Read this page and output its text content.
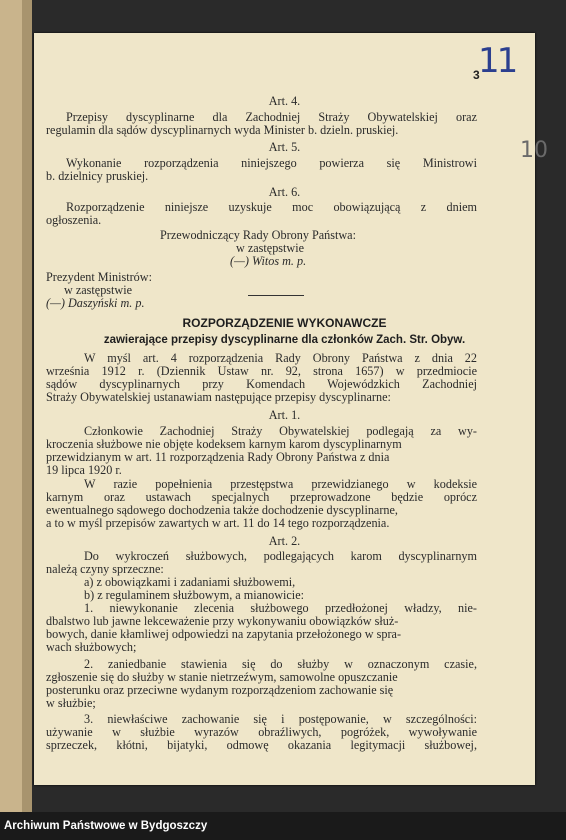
11
3
10
Art. 4.
Przepisy dyscyplinarne dla Zachodniej Straży Obywatelskiej oraz
regulamin dla sądów dyscyplinarnych wyda Minister b. dzieln. pruskiej.
Art. 5.
Wykonanie rozporządzenia niniejszego powierza się Ministrowi
b. dzielnicy pruskiej.
Art. 6.
Rozporządzenie niniejsze uzyskuje moc obowiązującą z dniem
ogłoszenia.
Przewodniczący Rady Obrony Państwa:
w zastępstwie
(—) Witos m. p.
Prezydent Ministrów:
w zastępstwie
(—) Daszyński m. p.
ROZPORZĄDZENIE WYKONAWCZE
zawierające przepisy dyscyplinarne dla członków Zach. Str. Obyw.
W myśl art. 4 rozporządzenia Rady Obrony Państwa z dnia 22
września 1912 r. (Dziennik Ustaw nr. 92, strona 1657) w przedmiocie
sądów dyscyplinarnych przy Komendach Wojewódzkich Zachodniej
Straży Obywatelskiej ustanawiam następujące przepisy dyscyplinarne:
Art. 1.
Członkowie Zachodniej Straży Obywatelskiej podlegają za wy-
kroczenia służbowe nie objęte kodeksem karnym karom dyscyplinarnym
przewidzianym w art. 11 rozporządzenia Rady Obrony Państwa z dnia
19 lipca 1920 r.
W razie popełnienia przestępstwa przewidzianego w kodeksie
karnym oraz ustawach specjalnych przeprowadzone będzie oprócz
ewentualnego sądowego dochodzenia także dochodzenie dyscyplinarne,
a to w myśl przepisów zawartych w art. 11 do 14 tego rozporządzenia.
Art. 2.
Do wykroczeń służbowych, podlegających karom dyscyplinarnym
należą czyny sprzeczne:
a) z obowiązkami i zadaniami służbowemi,
b) z regulaminem służbowym, a mianowicie:
1. niewykonanie zlecenia służbowego przedłożonej władzy, nie-
dbalstwo lub jawne lekceważenie przy wykonywaniu obowiązków służ-
bowych, danie kłamliwej odpowiedzi na zapytania przełożonego w spra-
wach służbowych;
2. zaniedbanie stawienia się do służby w oznaczonym czasie,
zgłoszenie się do służby w stanie nietrzeźwym, samowolne opuszczanie
posterunku oraz przeciwne wydanym rozporządzeniom zachowanie się
w służbie;
3. niewłaściwe zachowanie się i postępowanie, w szczególności:
używanie w służbie wyrazów obraźliwych, pogróżek, wywoływanie
sprzeczek, kłótni, bijatyki, odmowę okazania legitymacji służbowej,
Archiwum Państwowe w Bydgoszczy
